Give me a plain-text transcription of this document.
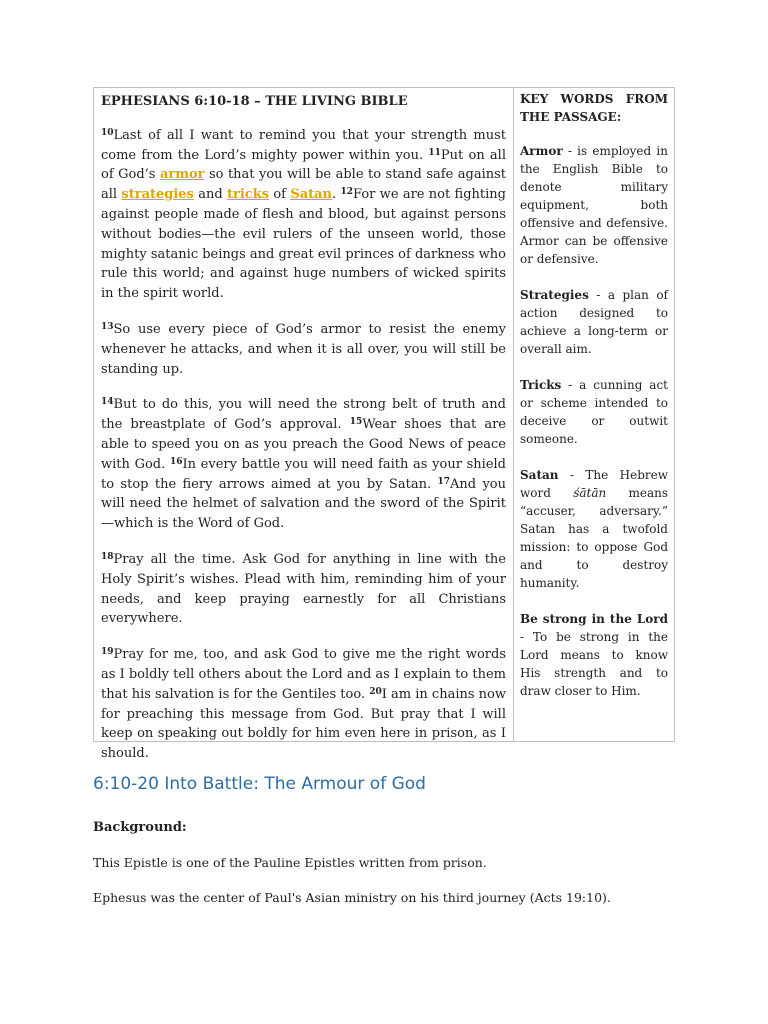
EPHESIANS 6:10-18 – THE LIVING BIBLE

$^{10}$Last of all I want to remind you that your strength must come from the Lord’s mighty power within you. $^{11}$Put on all of God’s armor so that you will be able to stand safe against all strategies and tricks of Satan. $^{12}$For we are not fighting against people made of flesh and blood, but against persons without bodies—the evil rulers of the unseen world, those mighty satanic beings and great evil princes of darkness who rule this world; and against huge numbers of wicked spirits in the spirit world.

$^{13}$So use every piece of God’s armor to resist the enemy whenever he attacks, and when it is all over, you will still be standing up.

$^{14}$But to do this, you will need the strong belt of truth and the breastplate of God’s approval. $^{15}$Wear shoes that are able to speed you on as you preach the Good News of peace with God. $^{16}$In every battle you will need faith as your shield to stop the fiery arrows aimed at you by Satan. $^{17}$And you will need the helmet of salvation and the sword of the Spirit—which is the Word of God.

$^{18}$Pray all the time. Ask God for anything in line with the Holy Spirit’s wishes. Plead with him, reminding him of your needs, and keep praying earnestly for all Christians everywhere.

$^{19}$Pray for me, too, and ask God to give me the right words as I boldly tell others about the Lord and as I explain to them that his salvation is for the Gentiles too. $^{20}$I am in chains now for preaching this message from God. But pray that I will keep on speaking out boldly for him even here in prison, as I should.

KEY WORDS FROM THE PASSAGE:

Armor - is employed in the English Bible to denote military equipment, both offensive and defensive. Armor can be offensive or defensive.

Strategies - a plan of action designed to achieve a long-term or overall aim.

Tricks - a cunning act or scheme intended to deceive or outwit someone.

Satan - The Hebrew word śātān means “accuser, adversary.” Satan has a twofold mission: to oppose God and to destroy humanity.

Be strong in the Lord - To be strong in the Lord means to know His strength and to draw closer to Him.

6:10-20 Into Battle: The Armour of God
Background:
This Epistle is one of the Pauline Epistles written from prison.
Ephesus was the center of Paul's Asian ministry on his third journey (Acts 19:10).
